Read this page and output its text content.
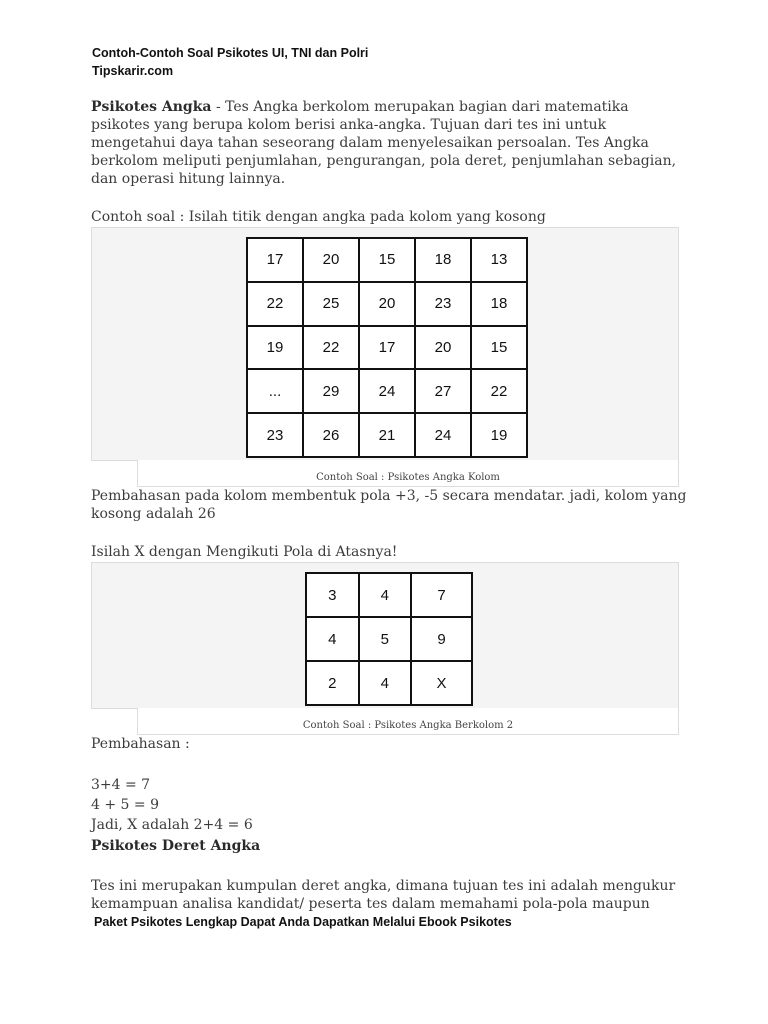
Contoh-Contoh Soal Psikotes UI, TNI dan Polri

Tipskarir.com

Psikotes Angka - Tes Angka berkolom merupakan bagian dari matematika psikotes yang berupa kolom berisi anka-angka. Tujuan dari tes ini untuk mengetahui daya tahan seseorang dalam menyelesaikan persoalan. Tes Angka berkolom meliputi penjumlahan, pengurangan, pola deret, penjumlahan sebagian, dan operasi hitung lainnya.

Contoh soal : Isilah titik dengan angka pada kolom yang kosong

17	20	15	18	13
22	25	20	23	18
19	22	17	20	15
...	29	24	27	22
23	26	21	24	19
Contoh Soal : Psikotes Angka Kolom

Pembahasan pada kolom membentuk pola +3, -5 secara mendatar. jadi, kolom yang kosong adalah 26

Isilah X dengan Mengikuti Pola di Atasnya!

3	4	7
4	5	9
2	4	X
Contoh Soal : Psikotes Angka Berkolom 2

Pembahasan :

3+4 = 7

4 + 5 = 9

Jadi, X adalah 2+4 = 6

Psikotes Deret Angka

Tes ini merupakan kumpulan deret angka, dimana tujuan tes ini adalah mengukur kemampuan analisa kandidat/ peserta tes dalam memahami pola-pola maupun

Paket Psikotes Lengkap Dapat Anda Dapatkan Melalui Ebook Psikotes
